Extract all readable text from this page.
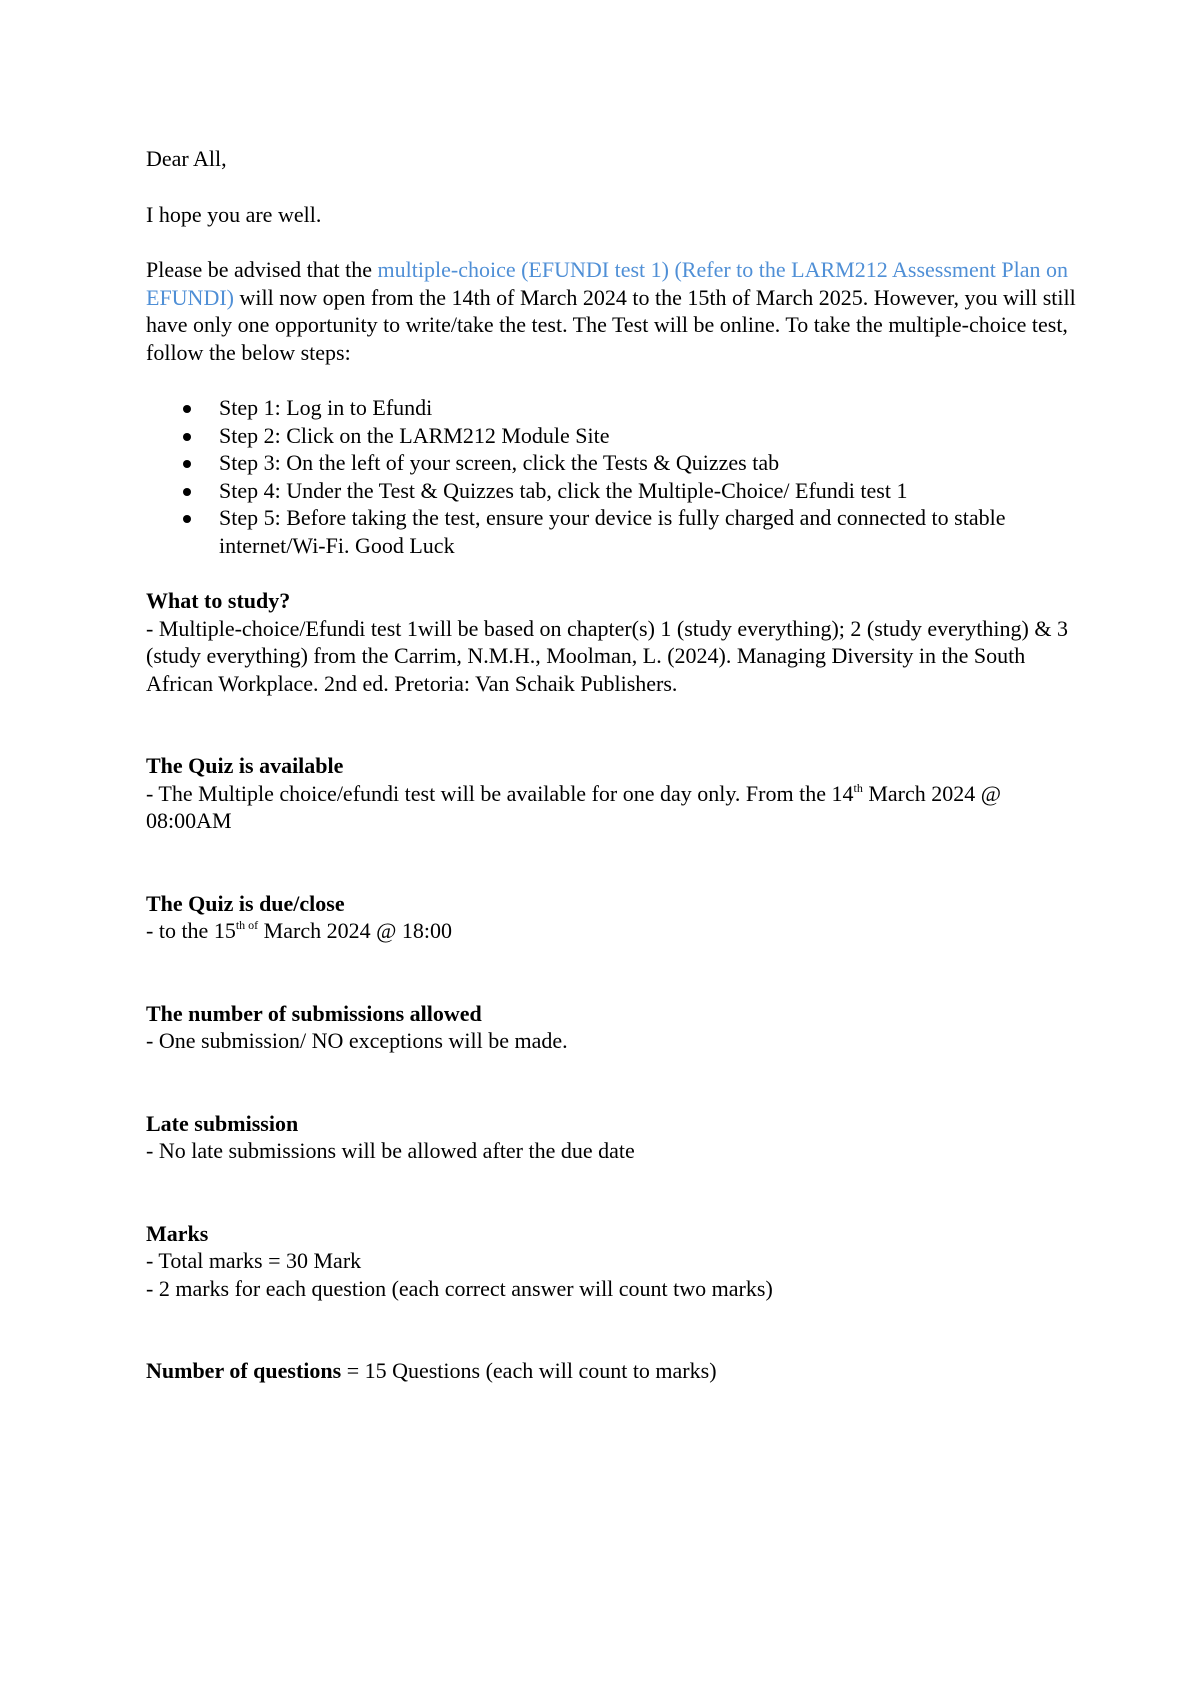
Dear All,

I hope you are well.

Please be advised that the multiple-choice (EFUNDI test 1) (Refer to the LARM212 Assessment Plan on EFUNDI) will now open from the 14th of March 2024 to the 15th of March 2025. However, you will still have only one opportunity to write/take the test. The Test will be online. To take the multiple-choice test, follow the below steps:

Step 1: Log in to Efundi
Step 2: Click on the LARM212 Module Site
Step 3: On the left of your screen, click the Tests & Quizzes tab
Step 4: Under the Test & Quizzes tab, click the Multiple-Choice/ Efundi test 1
Step 5: Before taking the test, ensure your device is fully charged and connected to stable internet/Wi-Fi. Good Luck

What to study?

- Multiple-choice/Efundi test 1will be based on chapter(s) 1 (study everything); 2 (study everything) & 3 (study everything) from the Carrim, N.M.H., Moolman, L. (2024). Managing Diversity in the South African Workplace. 2nd ed. Pretoria: Van Schaik Publishers.

The Quiz is available

- The Multiple choice/efundi test will be available for one day only. From the 14th March 2024 @ 08:00AM

The Quiz is due/close

- to the $15^{th of}$ March 2024 @ 18:00

The number of submissions allowed

- One submission/ NO exceptions will be made.

Late submission

- No late submissions will be allowed after the due date

Marks

- Total marks = 30 Mark

- 2 marks for each question (each correct answer will count two marks)

Number of questions = 15 Questions (each will count to marks)
